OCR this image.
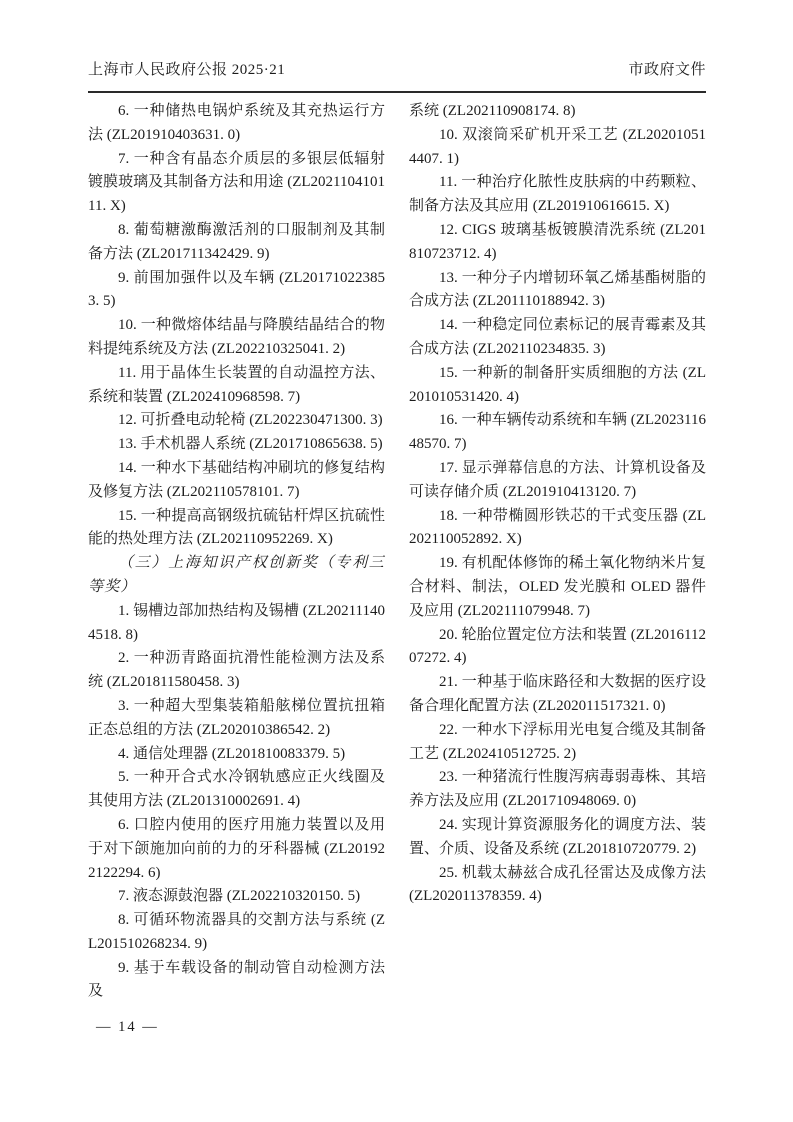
上海市人民政府公报 2025·21	市政府文件

6. 一种储热电锅炉系统及其充热运行方法 (ZL201910403631. 0)

7. 一种含有晶态介质层的多银层低辐射镀膜玻璃及其制备方法和用途 (ZL202110410111. X)

8. 葡萄糖激酶激活剂的口服制剂及其制备方法 (ZL201711342429. 9)

9. 前围加强件以及车辆 (ZL201710223853. 5)

10. 一种微熔体结晶与降膜结晶结合的物料提纯系统及方法 (ZL202210325041. 2)

11. 用于晶体生长装置的自动温控方法、系统和装置 (ZL202410968598. 7)

12. 可折叠电动轮椅 (ZL202230471300. 3)

13. 手术机器人系统 (ZL201710865638. 5)

14. 一种水下基础结构冲刷坑的修复结构及修复方法 (ZL202110578101. 7)

15. 一种提高高钢级抗硫钻杆焊区抗硫性能的热处理方法 (ZL202110952269. X)

（三）上海知识产权创新奖（专利三等奖）

1. 锡槽边部加热结构及锡槽 (ZL202111404518. 8)

2. 一种沥青路面抗滑性能检测方法及系统 (ZL201811580458. 3)

3. 一种超大型集装箱船舷梯位置抗扭箱正态总组的方法 (ZL202010386542. 2)

4. 通信处理器 (ZL201810083379. 5)

5. 一种开合式水冷钢轨感应正火线圈及其使用方法 (ZL201310002691. 4)

6. 口腔内使用的医疗用施力装置以及用于对下颌施加向前的力的牙科器械 (ZL201922122294. 6)

7. 液态源鼓泡器 (ZL202210320150. 5)

8. 可循环物流器具的交割方法与系统 (ZL201510268234. 9)

9. 基于车载设备的制动管自动检测方法及

系统 (ZL202110908174. 8)

10. 双滚筒采矿机开采工艺 (ZL202010514407. 1)

11. 一种治疗化脓性皮肤病的中药颗粒、制备方法及其应用 (ZL201910616615. X)

12. CIGS 玻璃基板镀膜清洗系统 (ZL201810723712. 4)

13. 一种分子内增韧环氧乙烯基酯树脂的合成方法 (ZL201110188942. 3)

14. 一种稳定同位素标记的展青霉素及其合成方法 (ZL202110234835. 3)

15. 一种新的制备肝实质细胞的方法 (ZL201010531420. 4)

16. 一种车辆传动系统和车辆 (ZL202311648570. 7)

17. 显示弹幕信息的方法、计算机设备及可读存储介质 (ZL201910413120. 7)

18. 一种带椭圆形铁芯的干式变压器 (ZL202110052892. X)

19. 有机配体修饰的稀土氧化物纳米片复合材料、制法，OLED 发光膜和 OLED 器件及应用 (ZL202111079948. 7)

20. 轮胎位置定位方法和装置 (ZL201611207272. 4)

21. 一种基于临床路径和大数据的医疗设备合理化配置方法 (ZL202011517321. 0)

22. 一种水下浮标用光电复合缆及其制备工艺 (ZL202410512725. 2)

23. 一种猪流行性腹泻病毒弱毒株、其培养方法及应用 (ZL201710948069. 0)

24. 实现计算资源服务化的调度方法、装置、介质、设备及系统 (ZL201810720779. 2)

25. 机载太赫兹合成孔径雷达及成像方法 (ZL202011378359. 4)

— 14 —
